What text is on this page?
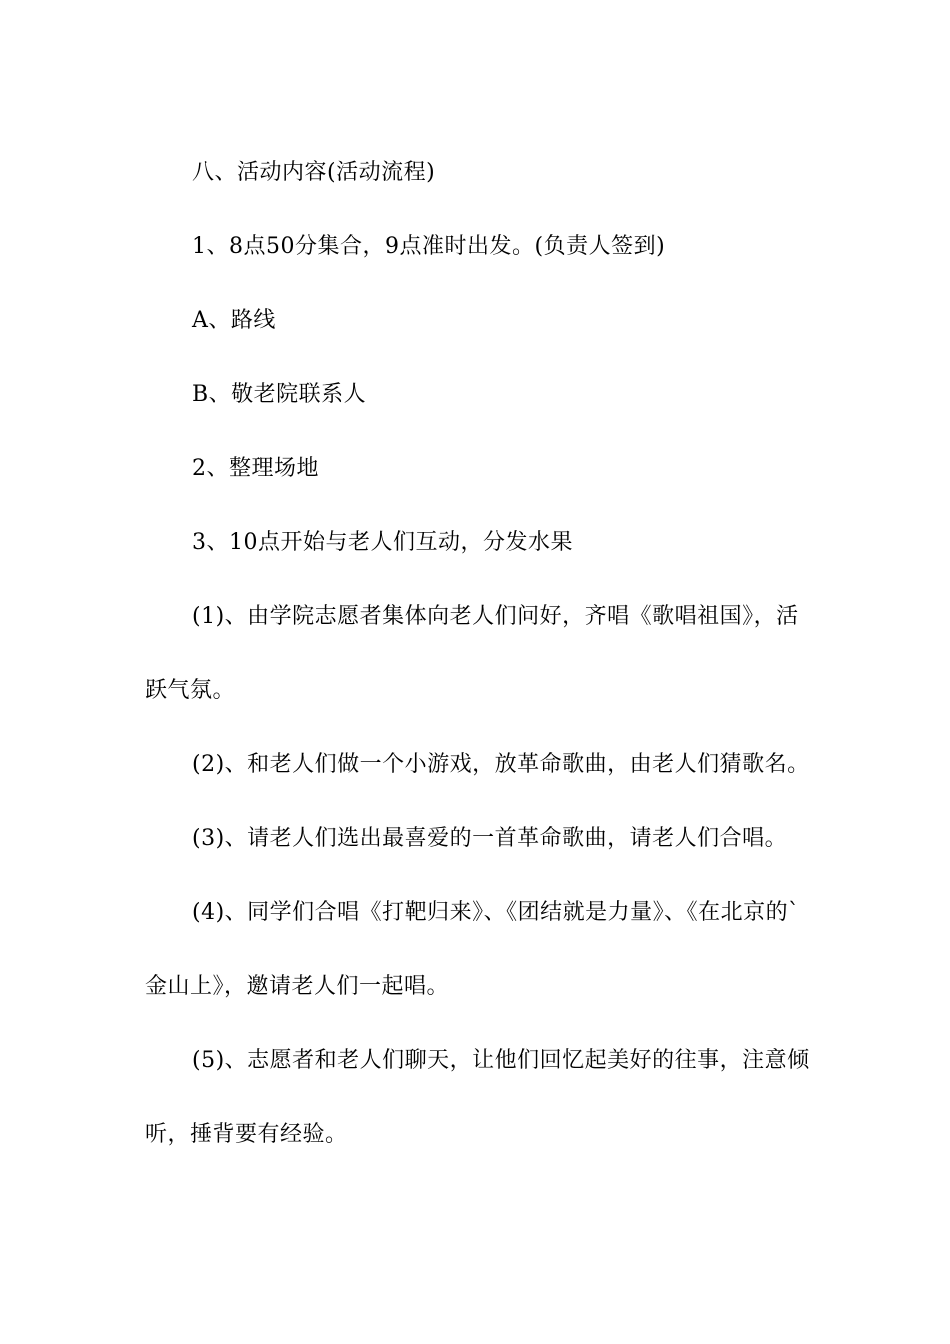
八、活动内容(活动流程)

1、8点50分集合，9点准时出发。(负责人签到)

A、路线

B、敬老院联系人

2、整理场地

3、10点开始与老人们互动，分发水果

(1)、由学院志愿者集体向老人们问好，齐唱《歌唱祖国》，活跃气氛。

(2)、和老人们做一个小游戏，放革命歌曲，由老人们猜歌名。

(3)、请老人们选出最喜爱的一首革命歌曲，请老人们合唱。

(4)、同学们合唱《打靶归来》、《团结就是力量》、《在北京的`金山上》，邀请老人们一起唱。

(5)、志愿者和老人们聊天，让他们回忆起美好的往事，注意倾听，捶背要有经验。
